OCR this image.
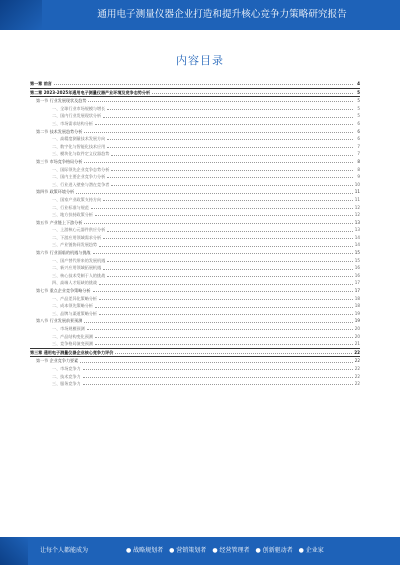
通用电子测量仪器企业打造和提升核心竞争力策略研究报告
内容目录
第一章 前言	4
第二章 2023-2025年通用电子测量仪器产业环境及竞争态势分析	5
第一节 行业发展现状及趋势	5
一、全球行业市场规模与增长	5
二、国内行业发展现状分析	5
三、市场需求结构分析	6
第二节 技术发展趋势分析	6
一、高精度测量技术发展方向	6
二、数字化与智能化技术应用	7
三、模块化与软件定义仪器趋势	7
第三节 市场竞争格局分析	8
一、国际领先企业竞争态势分析	8
二、国内主要企业竞争力分析	9
三、行业进入壁垒与潜在竞争者	10
第四节 政策环境分析	11
一、国家产业政策支持方向	11
二、行业标准与规范	12
三、地方扶持政策分析	12
第五节 产业链上下游分析	13
一、上游核心元器件供应分析	13
二、下游应用领域需求分析	14
三、产业链协同发展趋势	14
第六节 行业面临的机遇与挑战	15
一、国产替代带来的发展机遇	15
二、新兴应用领域拓展机遇	16
三、核心技术受制于人的挑战	16
四、高端人才短缺的挑战	17
第七节 重点企业竞争策略分析	17
一、产品差异化策略分析	18
二、成本领先策略分析	18
三、品牌与渠道策略分析	19
第八节 行业发展前景预测	19
一、市场规模预测	20
二、产品结构变化预测	20
三、竞争格局演变预测	21
第三章 通用电子测量仪器企业核心竞争力评价	22
第一节 企业竞争力要素	22
一、市场竞争力	22
二、技术竞争力	22
三、服务竞争力	22
让每个人都能成为	● 战略规划者 ● 营销策划者 ● 经营管理者 ● 创新驱动者 ● 企业家
